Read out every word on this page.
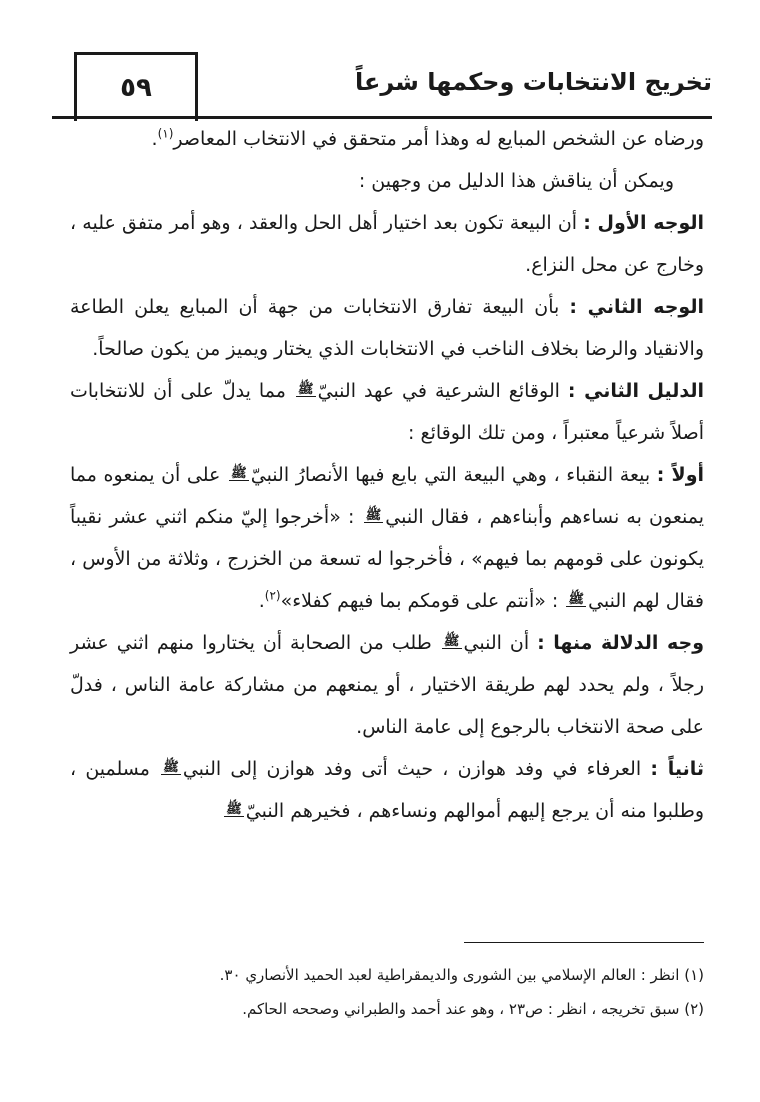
٥٩	تخريج الانتخابات وحكمها شرعاً

ورضاه عن الشخص المبايع له وهذا أمر متحقق في الانتخاب المعاصر$^{(١)}$.

ويمكن أن يناقش هذا الدليل من وجهين :

الوجه الأول : أن البيعة تكون بعد اختيار أهل الحل والعقد ، وهو أمر متفق عليه ، وخارج عن محل النزاع.

الوجه الثاني : بأن البيعة تفارق الانتخابات من جهة أن المبايع يعلن الطاعة والانقياد والرضا بخلاف الناخب في الانتخابات الذي يختار ويميز من يكون صالحاً.

الدليل الثاني : الوقائع الشرعية في عهد النبيّﷺ مما يدلّ على أن للانتخابات أصلاً شرعياً معتبراً ، ومن تلك الوقائع :

أولاً : بيعة النقباء ، وهي البيعة التي بايع فيها الأنصارُ النبيّﷺ على أن يمنعوه مما يمنعون به نساءهم وأبناءهم ، فقال النبيﷺ : «أخرجوا إليّ منكم اثني عشر نقيباً يكونون على قومهم بما فيهم» ، فأخرجوا له تسعة من الخزرج ، وثلاثة من الأوس ، فقال لهم النبيﷺ : «أنتم على قومكم بما فيهم كفلاء»$^{(٢)}$.

وجه الدلالة منها : أن النبيﷺ طلب من الصحابة أن يختاروا منهم اثني عشر رجلاً ، ولم يحدد لهم طريقة الاختيار ، أو يمنعهم من مشاركة عامة الناس ، فدلّ على صحة الانتخاب بالرجوع إلى عامة الناس.

ثانياً : العرفاء في وفد هوازن ، حيث أتى وفد هوازن إلى النبيﷺ مسلمين ، وطلبوا منه أن يرجع إليهم أموالهم ونساءهم ، فخيرهم النبيّﷺ

(١) انظر : العالم الإسلامي بين الشورى والديمقراطية لعبد الحميد الأنصاري ٣٠.

(٢) سبق تخريجه ، انظر : ص٢٣ ، وهو عند أحمد والطبراني وصححه الحاكم.
